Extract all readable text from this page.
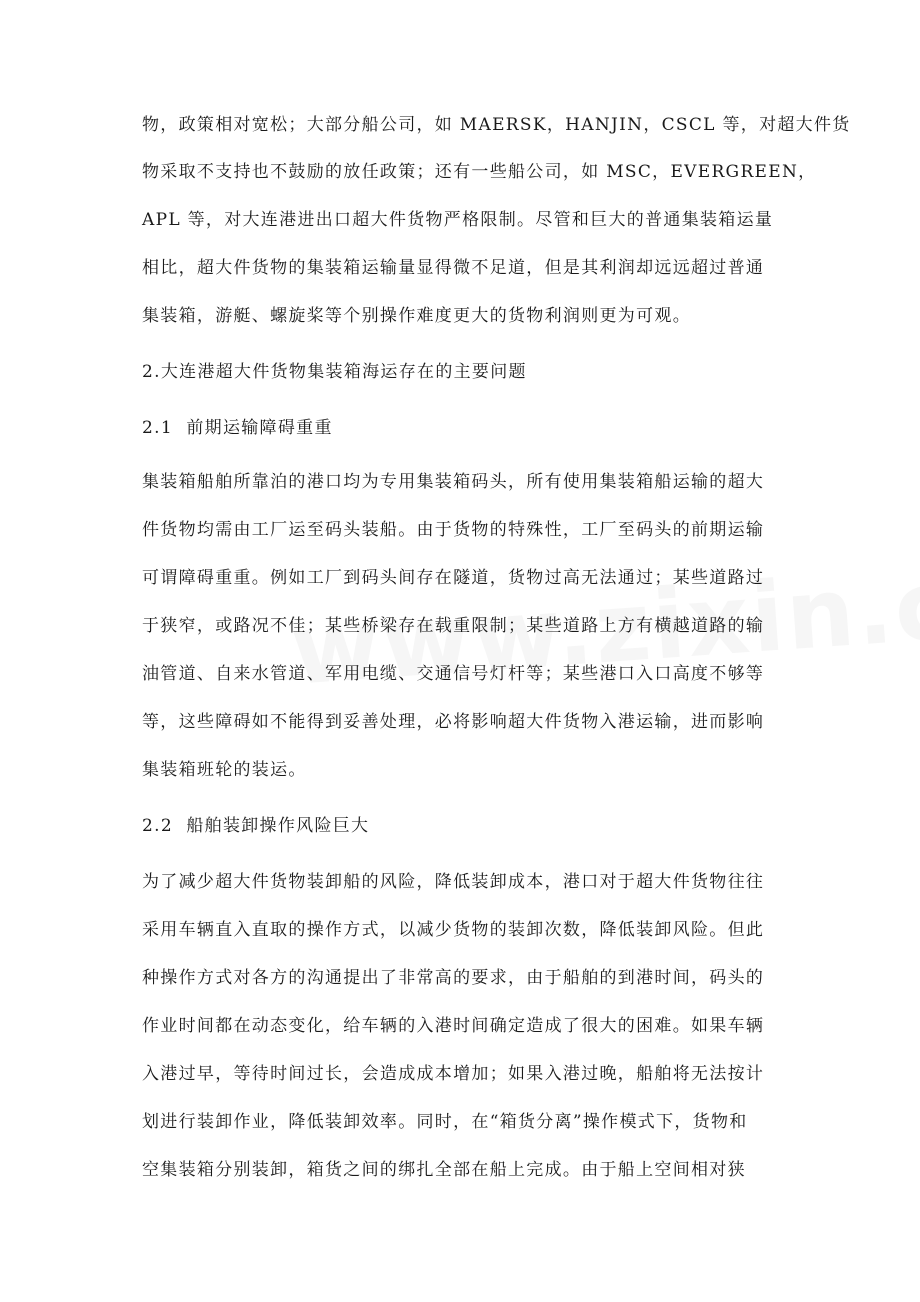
物，政策相对宽松；大部分船公司，如 MAERSK，HANJIN，CSCL 等，对超大件货
物采取不支持也不鼓励的放任政策；还有一些船公司，如 MSC，EVERGREEN，
APL 等，对大连港进出口超大件货物严格限制。尽管和巨大的普通集装箱运量
相比，超大件货物的集装箱运输量显得微不足道，但是其利润却远远超过普通
集装箱，游艇、螺旋桨等个别操作难度更大的货物利润则更为可观。
2.大连港超大件货物集装箱海运存在的主要问题
2.1  前期运输障碍重重
集装箱船舶所靠泊的港口均为专用集装箱码头，所有使用集装箱船运输的超大
件货物均需由工厂运至码头装船。由于货物的特殊性，工厂至码头的前期运输
可谓障碍重重。例如工厂到码头间存在隧道，货物过高无法通过；某些道路过
于狭窄，或路况不佳；某些桥梁存在载重限制；某些道路上方有横越道路的输
油管道、自来水管道、军用电缆、交通信号灯杆等；某些港口入口高度不够等
等，这些障碍如不能得到妥善处理，必将影响超大件货物入港运输，进而影响
集装箱班轮的装运。
2.2  船舶装卸操作风险巨大
为了减少超大件货物装卸船的风险，降低装卸成本，港口对于超大件货物往往
采用车辆直入直取的操作方式，以减少货物的装卸次数，降低装卸风险。但此
种操作方式对各方的沟通提出了非常高的要求，由于船舶的到港时间，码头的
作业时间都在动态变化，给车辆的入港时间确定造成了很大的困难。如果车辆
入港过早，等待时间过长，会造成成本增加；如果入港过晚，船舶将无法按计
划进行装卸作业，降低装卸效率。同时，在“箱货分离”操作模式下，货物和
空集装箱分别装卸，箱货之间的绑扎全部在船上完成。由于船上空间相对狭
